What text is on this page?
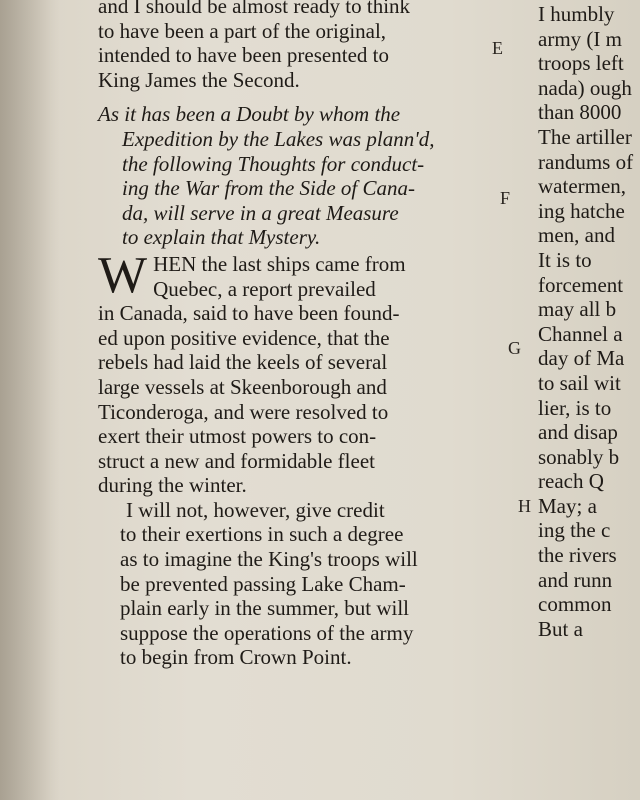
and I should be almost ready to think
to have been a part of the original,
intended to have been presented to
King James the Second.
As it has been a Doubt by whom the
Expedition by the Lakes was plann'd,
the following Thoughts for conduct-
ing the War from the Side of Cana-
da, will serve in a great Measure
to explain that Mystery.
W HEN the last ships came from
Quebec, a report prevailed
in Canada, said to have been found-
ed upon positive evidence, that the
rebels had laid the keels of several
large vessels at Skeenborough and
Ticonderoga, and were resolved to
exert their utmost powers to con-
struct a new and formidable fleet
during the winter.
I will not, however, give credit
to their exertions in such a degree
as to imagine the King's troops will
be prevented passing Lake Cham-
plain early in the summer, but will
suppose the operations of the army
to begin from Crown Point.
E
F
G
H
I humbly
army (I m
troops left
nada) ough
than 8000
The artiller
randums of
watermen,
ing hatche
men, and
It is to
forcement
may all b
Channel a
day of Ma
to sail wit
lier, is to
and disap
sonably b
reach Q
May; a
ing the c
the rivers
and runn
common
But a
